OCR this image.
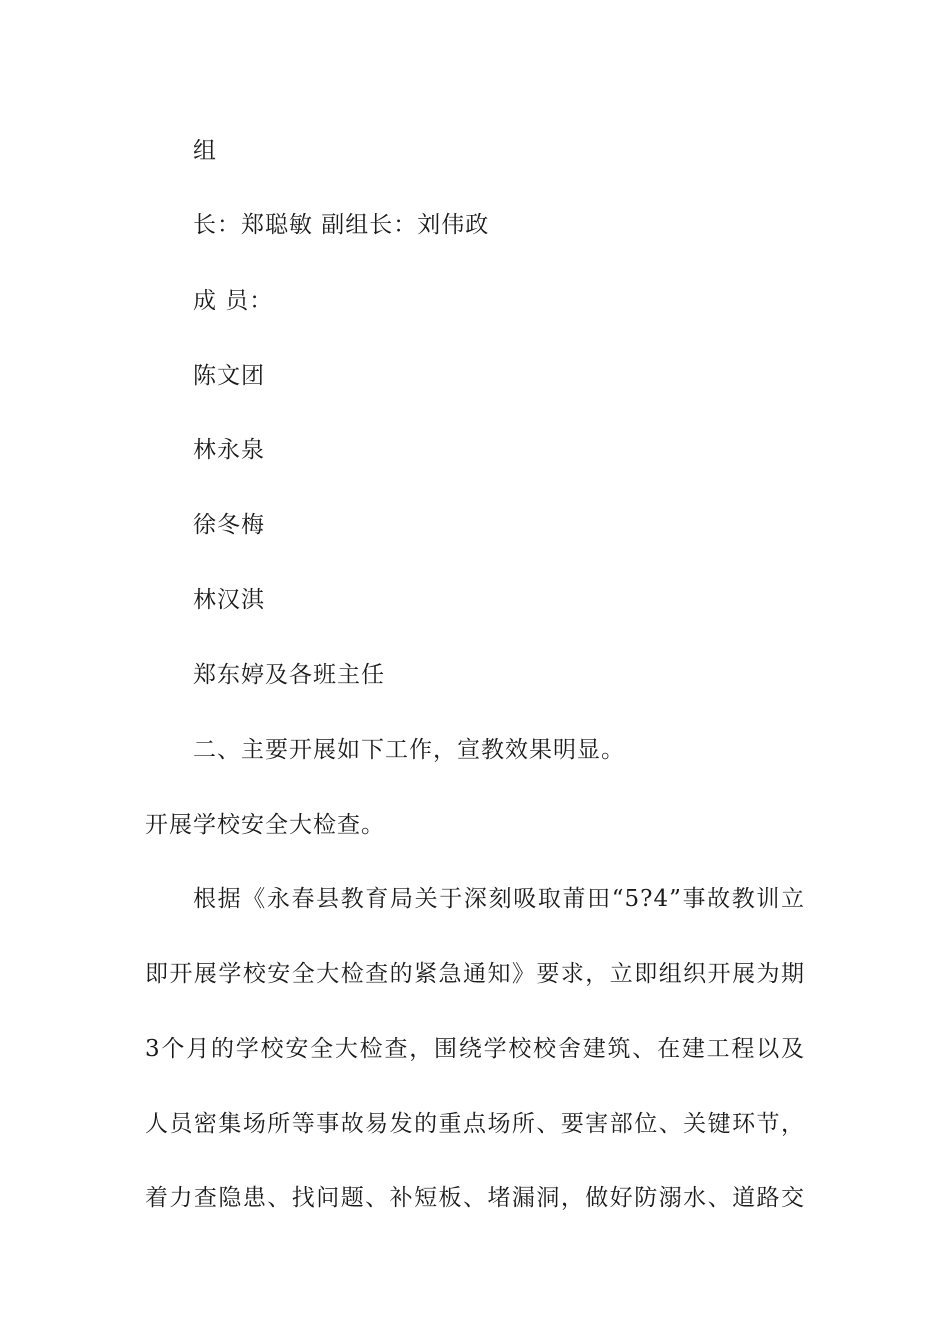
组
长：郑聪敏 副组长：刘伟政
成 员：
陈文团
林永泉
徐冬梅
林汉淇
郑东婷及各班主任
二、主要开展如下工作，宣教效果明显。
开展学校安全大检查。
根据《永春县教育局关于深刻吸取莆田“5?4”事故教训立
即开展学校安全大检查的紧急通知》要求，立即组织开展为期
3个月的学校安全大检查，围绕学校校舍建筑、在建工程以及
人员密集场所等事故易发的重点场所、要害部位、关键环节，
着力查隐患、找问题、补短板、堵漏洞，做好防溺水、道路交
